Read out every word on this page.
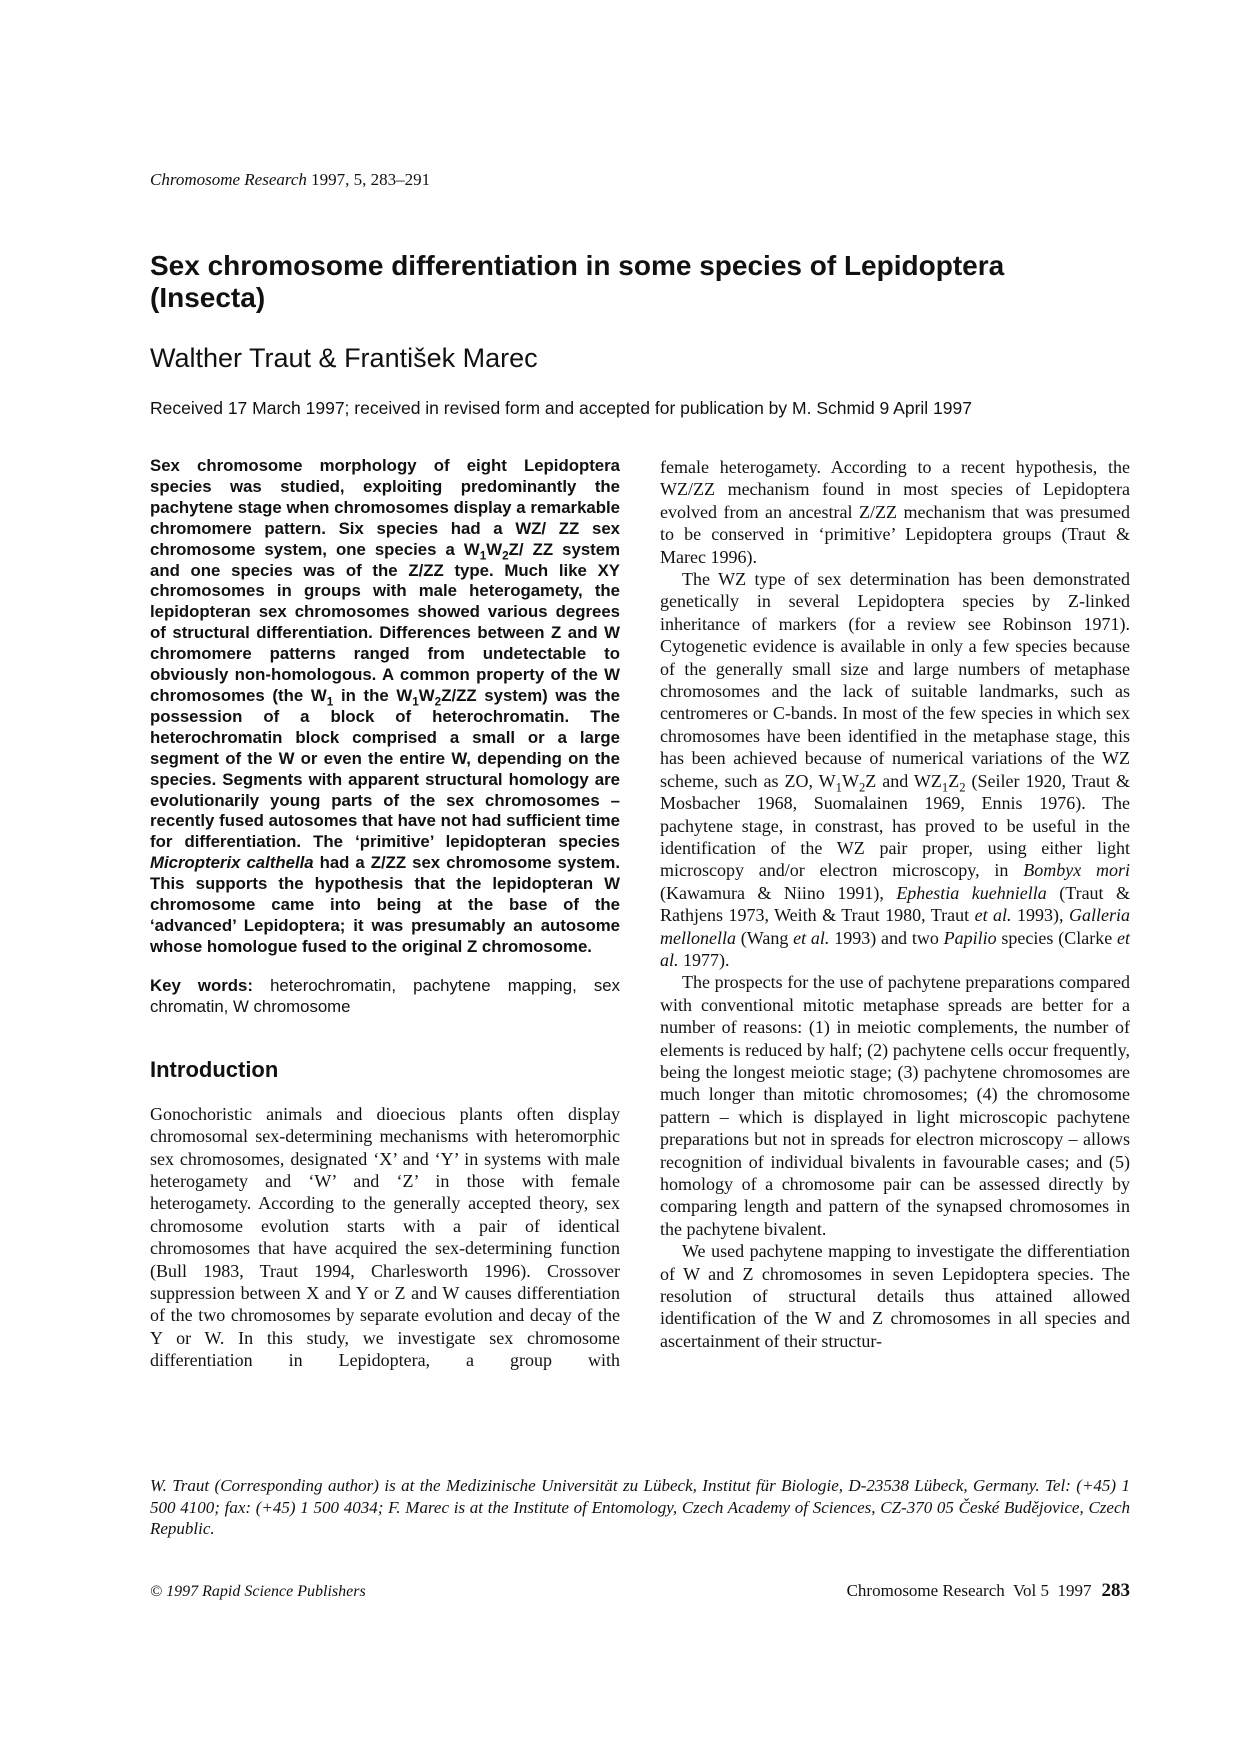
Chromosome Research 1997, 5, 283–291
Sex chromosome differentiation in some species of Lepidoptera (Insecta)
Walther Traut & František Marec
Received 17 March 1997; received in revised form and accepted for publication by M. Schmid 9 April 1997

Sex chromosome morphology of eight Lepidoptera species was studied, exploiting predominantly the pachytene stage when chromosomes display a remarkable chromomere pattern. Six species had a WZ/ ZZ sex chromosome system, one species a $W_1W_2Z/$ ZZ system and one species was of the Z/ZZ type. Much like XY chromosomes in groups with male heterogamety, the lepidopteran sex chromosomes showed various degrees of structural differentiation. Differences between Z and W chromomere patterns ranged from undetectable to obviously non-homologous. A common property of the W chromosomes (the $W_1$ in the $W_1W_2Z/ZZ$ system) was the possession of a block of heterochromatin. The heterochromatin block comprised a small or a large segment of the W or even the entire W, depending on the species. Segments with apparent structural homology are evolutionarily young parts of the sex chromosomes – recently fused autosomes that have not had sufficient time for differentiation. The ‘primitive’ lepidopteran species Micropterix calthella had a Z/ZZ sex chromosome system. This supports the hypothesis that the lepidopteran W chromosome came into being at the base of the ‘advanced’ Lepidoptera; it was presumably an autosome whose homologue fused to the original Z chromosome.

Key words: heterochromatin, pachytene mapping, sex chromatin, W chromosome
Introduction

Gonochoristic animals and dioecious plants often display chromosomal sex-determining mechanisms with heteromorphic sex chromosomes, designated ‘X’ and ‘Y’ in systems with male heterogamety and ‘W’ and ‘Z’ in those with female heterogamety. According to the generally accepted theory, sex chromosome evolution starts with a pair of identical chromosomes that have acquired the sex-determining function (Bull 1983, Traut 1994, Charlesworth 1996). Crossover suppression between X and Y or Z and W causes differentiation of the two chromosomes by separate evolution and decay of the Y or W. In this study, we investigate sex chromosome differentiation in Lepidoptera, a group with

female heterogamety. According to a recent hypothesis, the WZ/ZZ mechanism found in most species of Lepidoptera evolved from an ancestral Z/ZZ mechanism that was presumed to be conserved in ‘primitive’ Lepidoptera groups (Traut & Marec 1996).

The WZ type of sex determination has been demonstrated genetically in several Lepidoptera species by Z-linked inheritance of markers (for a review see Robinson 1971). Cytogenetic evidence is available in only a few species because of the generally small size and large numbers of metaphase chromosomes and the lack of suitable landmarks, such as centromeres or C-bands. In most of the few species in which sex chromosomes have been identified in the metaphase stage, this has been achieved because of numerical variations of the WZ scheme, such as ZO, $W_1W_2Z$ and $WZ_1Z_2$ (Seiler 1920, Traut & Mosbacher 1968, Suomalainen 1969, Ennis 1976). The pachytene stage, in constrast, has proved to be useful in the identification of the WZ pair proper, using either light microscopy and/or electron microscopy, in Bombyx mori (Kawamura & Niino 1991), Ephestia kuehniella (Traut & Rathjens 1973, Weith & Traut 1980, Traut et al. 1993), Galleria mellonella (Wang et al. 1993) and two Papilio species (Clarke et al. 1977).

The prospects for the use of pachytene preparations compared with conventional mitotic metaphase spreads are better for a number of reasons: (1) in meiotic complements, the number of elements is reduced by half; (2) pachytene cells occur frequently, being the longest meiotic stage; (3) pachytene chromosomes are much longer than mitotic chromosomes; (4) the chromosome pattern – which is displayed in light microscopic pachytene preparations but not in spreads for electron microscopy – allows recognition of individual bivalents in favourable cases; and (5) homology of a chromosome pair can be assessed directly by comparing length and pattern of the synapsed chromosomes in the pachytene bivalent.

We used pachytene mapping to investigate the differentiation of W and Z chromosomes in seven Lepidoptera species. The resolution of structural details thus attained allowed identification of the W and Z chromosomes in all species and ascertainment of their structur-

W. Traut (Corresponding author) is at the Medizinische Universität zu Lübeck, Institut für Biologie, D-23538 Lübeck, Germany. Tel: (+45) 1 500 4100; fax: (+45) 1 500 4034; F. Marec is at the Institute of Entomology, Czech Academy of Sciences, CZ-370 05 České Budějovice, Czech Republic.

© 1997 Rapid Science Publishers	Chromosome Research  Vol 5  1997 283
